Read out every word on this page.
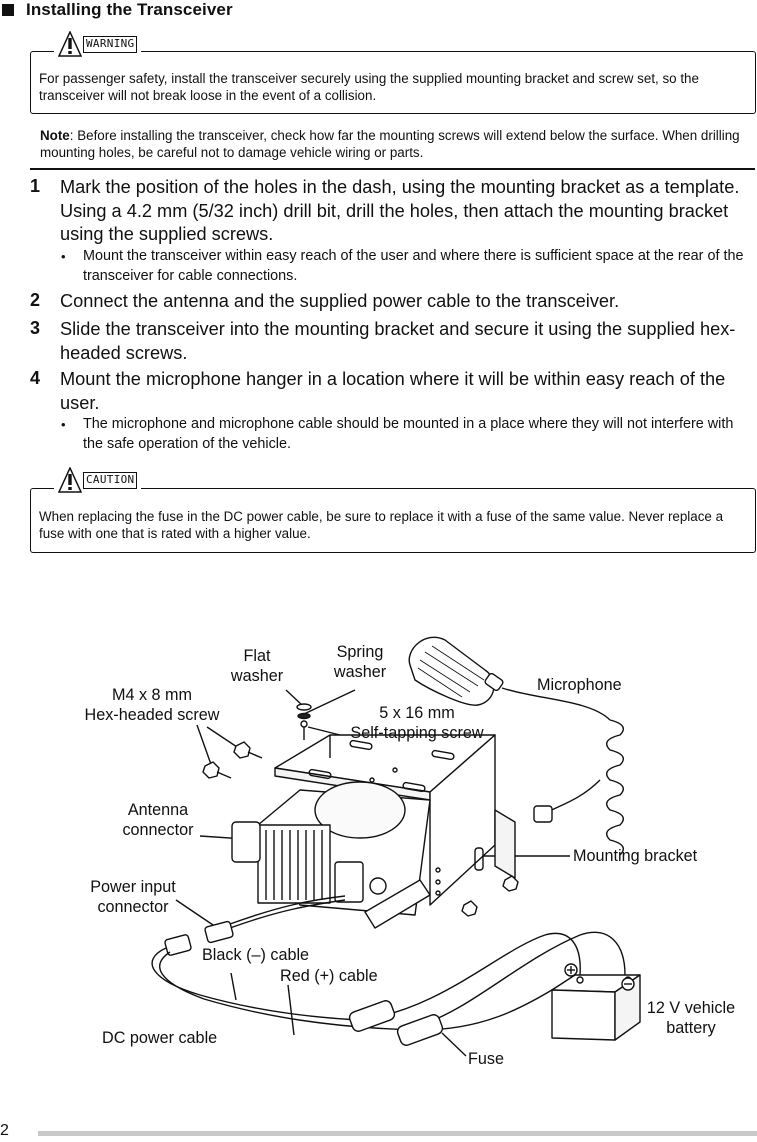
Installing the Transceiver
WARNING
For passenger safety, install the transceiver securely using the supplied mounting bracket and screw set, so the transceiver will not break loose in the event of a collision.
Note: Before installing the transceiver, check how far the mounting screws will extend below the surface. When drilling mounting holes, be careful not to damage vehicle wiring or parts.
1 Mark the position of the holes in the dash, using the mounting bracket as a template. Using a 4.2 mm (5/32 inch) drill bit, drill the holes, then attach the mounting bracket using the supplied screws.
• Mount the transceiver within easy reach of the user and where there is sufficient space at the rear of the transceiver for cable connections.
2 Connect the antenna and the supplied power cable to the transceiver.
3 Slide the transceiver into the mounting bracket and secure it using the supplied hex-headed screws.
4 Mount the microphone hanger in a location where it will be within easy reach of the user.
• The microphone and microphone cable should be mounted in a place where they will not interfere with the safe operation of the vehicle.
CAUTION
When replacing the fuse in the DC power cable, be sure to replace it with a fuse of the same value. Never replace a fuse with one that is rated with a higher value.
Flat
washer
Spring
washer
Microphone
M4 x 8 mm
Hex-headed screw	5 x 16 mm
Self-tapping screw
Antenna
connector
Mounting bracket
Power input
connector
Black (–) cable
Red (+) cable
12 V vehicle
battery
DC power cable
Fuse
2
